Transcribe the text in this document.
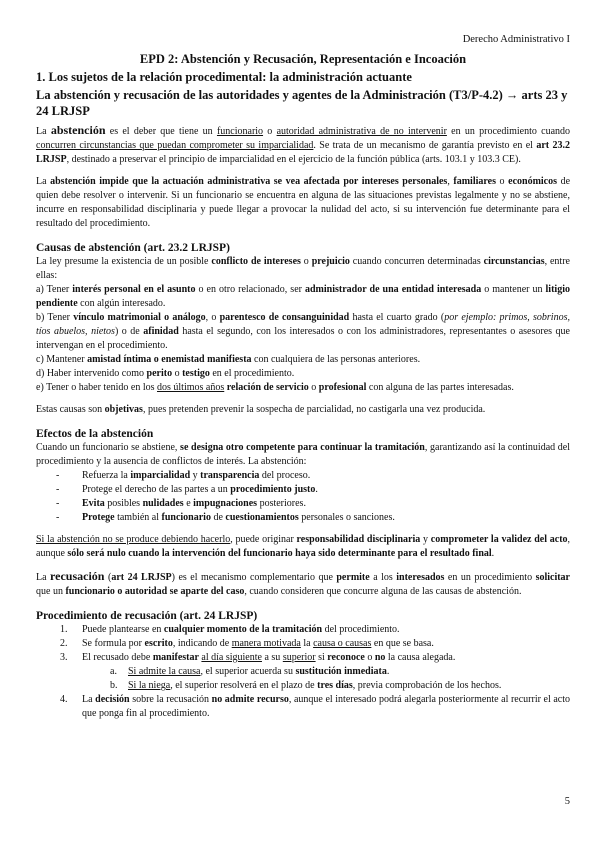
Derecho Administrativo I
EPD 2: Abstención y Recusación, Representación e Incoación
1. Los sujetos de la relación procedimental: la administración actuante
La abstención y recusación de las autoridades y agentes de la Administración (T3/P-4.2) → arts 23 y 24 LRJSP

La abstención es el deber que tiene un funcionario o autoridad administrativa de no intervenir en un procedimiento cuando concurren circunstancias que puedan comprometer su imparcialidad. Se trata de un mecanismo de garantía previsto en el art 23.2 LRJSP, destinado a preservar el principio de imparcialidad en el ejercicio de la función pública (arts. 103.1 y 103.3 CE).

La abstención impide que la actuación administrativa se vea afectada por intereses personales, familiares o económicos de quien debe resolver o intervenir. Si un funcionario se encuentra en alguna de las situaciones previstas legalmente y no se abstiene, incurre en responsabilidad disciplinaria y puede llegar a provocar la nulidad del acto, si su intervención fue determinante para el resultado del procedimiento.

Causas de abstención (art. 23.2 LRJSP)

La ley presume la existencia de un posible conflicto de intereses o prejuicio cuando concurren determinadas circunstancias, entre ellas:

a) Tener interés personal en el asunto o en otro relacionado, ser administrador de una entidad interesada o mantener un litigio pendiente con algún interesado.

b) Tener vínculo matrimonial o análogo, o parentesco de consanguinidad hasta el cuarto grado (por ejemplo: primos, sobrinos, tíos abuelos, nietos) o de afinidad hasta el segundo, con los interesados o con los administradores, representantes o asesores que intervengan en el procedimiento.

c) Mantener amistad íntima o enemistad manifiesta con cualquiera de las personas anteriores.

d) Haber intervenido como perito o testigo en el procedimiento.

e) Tener o haber tenido en los dos últimos años relación de servicio o profesional con alguna de las partes interesadas.

Estas causas son objetivas, pues pretenden prevenir la sospecha de parcialidad, no castigarla una vez producida.

Efectos de la abstención

Cuando un funcionario se abstiene, se designa otro competente para continuar la tramitación, garantizando así la continuidad del procedimiento y la ausencia de conflictos de interés. La abstención:

- Refuerza la imparcialidad y transparencia del proceso.
- Protege el derecho de las partes a un procedimiento justo.
- Evita posibles nulidades e impugnaciones posteriores.
- Protege también al funcionario de cuestionamientos personales o sanciones.

Si la abstención no se produce debiendo hacerlo, puede originar responsabilidad disciplinaria y comprometer la validez del acto, aunque sólo será nulo cuando la intervención del funcionario haya sido determinante para el resultado final.

La recusación (art 24 LRJSP) es el mecanismo complementario que permite a los interesados en un procedimiento solicitar que un funcionario o autoridad se aparte del caso, cuando consideren que concurre alguna de las causas de abstención.

Procedimiento de recusación (art. 24 LRJSP)
1. Puede plantearse en cualquier momento de la tramitación del procedimiento.
2. Se formula por escrito, indicando de manera motivada la causa o causas en que se basa.
3. El recusado debe manifestar al día siguiente a su superior si reconoce o no la causa alegada.
a. Si admite la causa, el superior acuerda su sustitución inmediata.
b. Si la niega, el superior resolverá en el plazo de tres días, previa comprobación de los hechos.
4. La decisión sobre la recusación no admite recurso, aunque el interesado podrá alegarla posteriormente al recurrir el acto que ponga fin al procedimiento.
5
